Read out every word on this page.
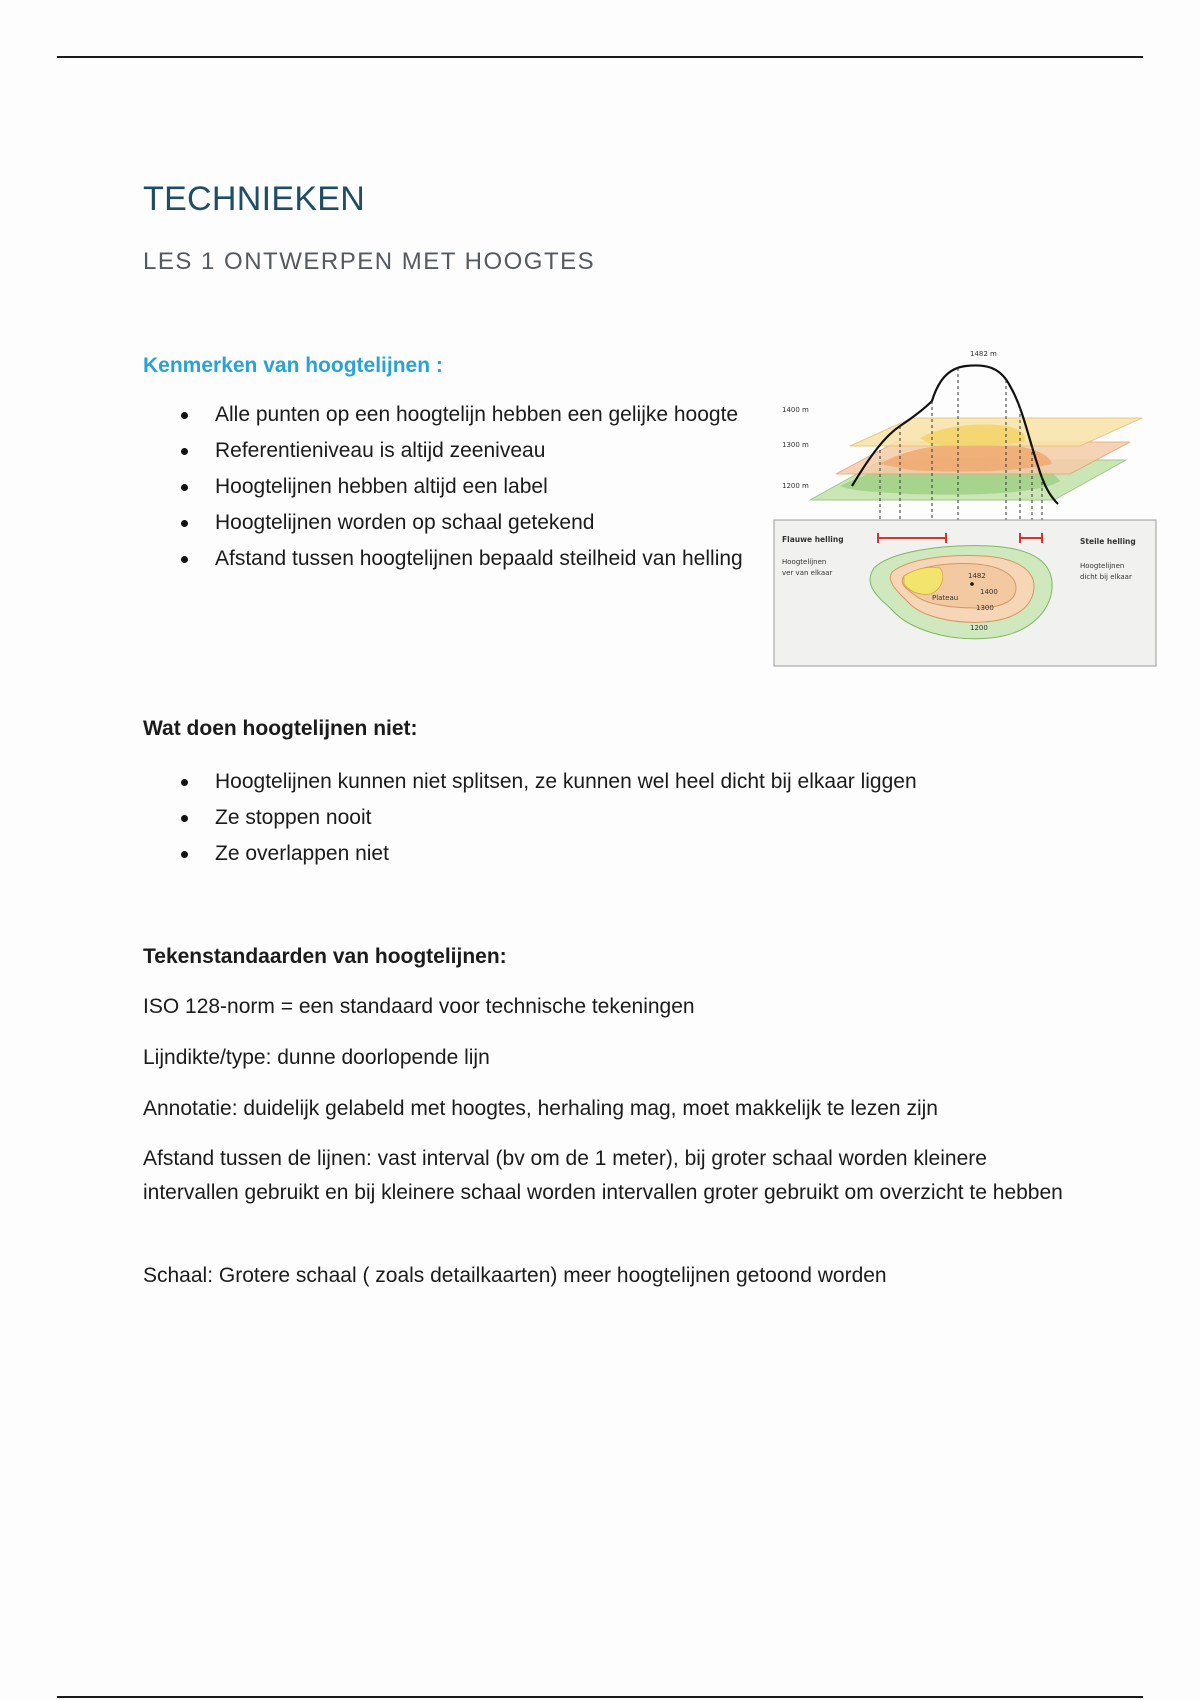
TECHNIEKEN
LES 1 ONTWERPEN MET HOOGTES
Kenmerken van hoogtelijnen :
Alle punten op een hoogtelijn hebben een gelijke hoogte
Referentieniveau is altijd zeeniveau
Hoogtelijnen hebben altijd een label
Hoogtelijnen worden op schaal getekend
Afstand tussen hoogtelijnen bepaald steilheid van helling
1482 m
1400 m
1300 m
1200 m
Flauwe helling
Hoogtelijnen
ver van elkaar
Steile helling
Hoogtelijnen
dicht bij elkaar
Plateau
1482
1400
1300
1200
Wat doen hoogtelijnen niet:
Hoogtelijnen kunnen niet splitsen, ze kunnen wel heel dicht bij elkaar liggen
Ze stoppen nooit
Ze overlappen niet
Tekenstandaarden van hoogtelijnen:
ISO 128-norm = een standaard voor technische tekeningen
Lijndikte/type: dunne doorlopende lijn
Annotatie: duidelijk gelabeld met hoogtes, herhaling mag, moet makkelijk te lezen zijn
Afstand tussen de lijnen: vast interval (bv om de 1 meter), bij groter schaal worden kleinere intervallen gebruikt en bij kleinere schaal worden intervallen groter gebruikt om overzicht te hebben
Schaal: Grotere schaal ( zoals detailkaarten) meer hoogtelijnen getoond worden
